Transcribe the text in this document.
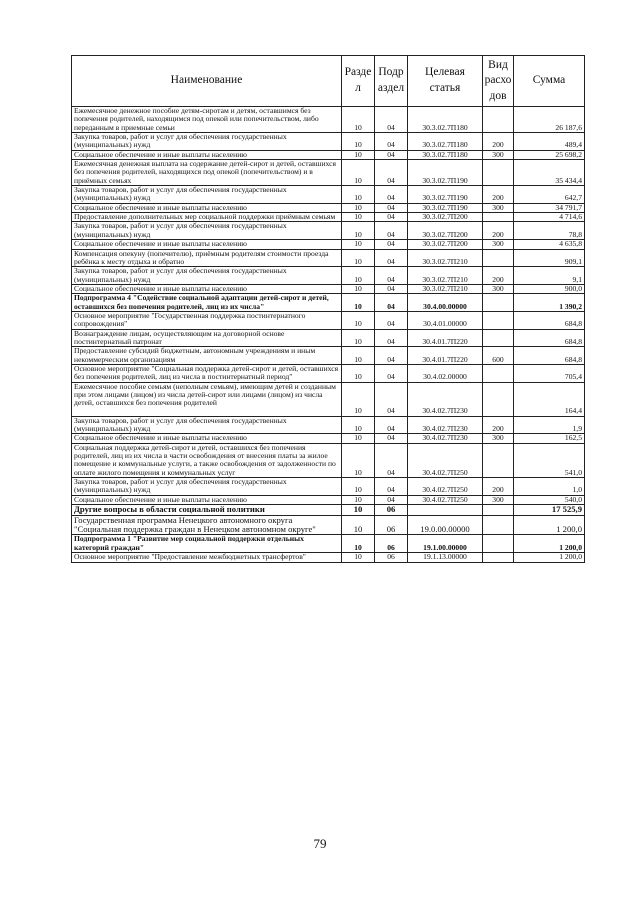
Наименование	Разде л	Подр аздел	Целевая статья	Вид расхо дов	Сумма
Ежемесячное денежное пособие детям-сиротам и детям, оставшимся без попечения родителей, находящимся под опекой или попечительством, либо переданным в приемные семьи	10	04	30.3.02.7П180		26 187,6
Закупка товаров, работ и услуг для обеспечения государственных (муниципальных) нужд	10	04	30.3.02.7П180	200	489,4
Социальное обеспечение и иные выплаты населению	10	04	30.3.02.7П180	300	25 698,2
Ежемесячная денежная выплата на содержание детей-сирот и детей, оставшихся без попечения родителей, находящихся под опекой (попечительством) и в приёмных семьях	10	04	30.3.02.7П190		35 434,4
Закупка товаров, работ и услуг для обеспечения государственных (муниципальных) нужд	10	04	30.3.02.7П190	200	642,7
Социальное обеспечение и иные выплаты населению	10	04	30.3.02.7П190	300	34 791,7
Предоставление дополнительных мер социальной поддержки приёмным семьям	10	04	30.3.02.7П200		4 714,6
Закупка товаров, работ и услуг для обеспечения государственных (муниципальных) нужд	10	04	30.3.02.7П200	200	78,8
Социальное обеспечение и иные выплаты населению	10	04	30.3.02.7П200	300	4 635,8
Компенсация опекуну (попечителю), приёмным родителям стоимости проезда ребёнка к месту отдыха и обратно	10	04	30.3.02.7П210		909,1
Закупка товаров, работ и услуг для обеспечения государственных (муниципальных) нужд	10	04	30.3.02.7П210	200	9,1
Социальное обеспечение и иные выплаты населению	10	04	30.3.02.7П210	300	900,0
Подпрограмма 4 "Содействие социальной адаптации детей-сирот и детей, оставшихся без попечения родителей, лиц из их числа"	10	04	30.4.00.00000		1 390,2
Основное мероприятие "Государственная поддержка постинтернатного сопровождения"	10	04	30.4.01.00000		684,8
Вознаграждение лицам, осуществляющим на договорной основе постинтернатный патронат	10	04	30.4.01.7П220		684,8
Предоставление субсидий бюджетным, автономным учреждениям и иным некоммерческим организациям	10	04	30.4.01.7П220	600	684,8
Основное мероприятие "Социальная поддержка детей-сирот и детей, оставшихся без попечения родителей, лиц из числа в постинтернатный период"	10	04	30.4.02.00000		705,4
Ежемесячное пособие семьям (неполным семьям), имеющим детей и созданным при этом лицами (лицом) из числа детей-сирот или лицами (лицом) из числа детей, оставшихся без попечения родителей	10	04	30.4.02.7П230		164,4
Закупка товаров, работ и услуг для обеспечения государственных (муниципальных) нужд	10	04	30.4.02.7П230	200	1,9
Социальное обеспечение и иные выплаты населению	10	04	30.4.02.7П230	300	162,5
Социальная поддержка детей-сирот и детей, оставшихся без попечения родителей, лиц из их числа в части освобождения от внесения платы за жилое помещение и коммунальные услуги, а также освобождения от задолженности по оплате жилого помещения и коммунальных услуг	10	04	30.4.02.7П250		541,0
Закупка товаров, работ и услуг для обеспечения государственных (муниципальных) нужд	10	04	30.4.02.7П250	200	1,0
Социальное обеспечение и иные выплаты населению	10	04	30.4.02.7П250	300	540,0
Другие вопросы в области социальной политики	10	06			17 525,9
Государственная программа Ненецкого автономного округа "Социальная поддержка граждан в Ненецком автономном округе"	10	06	19.0.00.00000		1 200,0
Подпрограмма 1 "Развитие мер социальной поддержки отдельных категорий граждан"	10	06	19.1.00.00000		1 200,0
Основное мероприятие "Предоставление межбюджетных трансфертов"	10	06	19.1.13.00000		1 200,0
79
